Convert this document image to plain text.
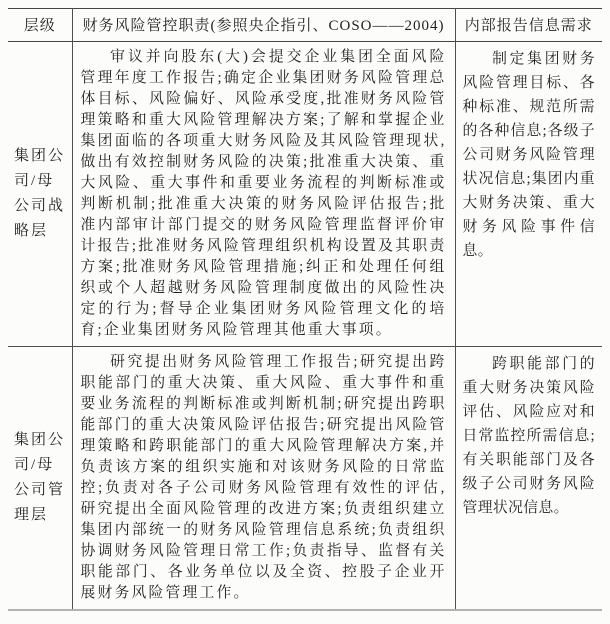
层级	财务风险管控职责(参照央企指引、COSO——2004)	内部报告信息需求

集团公司/母公司战略层	审议并向股东(大)会提交企业集团全面风险管理年度工作报告;确定企业集团财务风险管理总体目标、风险偏好、风险承受度,批准财务风险管理策略和重大风险管理解决方案;了解和掌握企业集团面临的各项重大财务风险及其风险管理现状,做出有效控制财务风险的决策;批准重大决策、重大风险、重大事件和重要业务流程的判断标准或判断机制;批准重大决策的财务风险评估报告;批准内部审计部门提交的财务风险管理监督评价审计报告;批准财务风险管理组织机构设置及其职责方案;批准财务风险管理措施;纠正和处理任何组织或个人超越财务风险管理制度做出的风险性决定的行为;督导企业集团财务风险管理文化的培育;企业集团财务风险管理其他重大事项。	制定集团财务风险管理目标、各种标准、规范所需的各种信息;各级子公司财务风险管理状况信息;集团内重大财务决策、重大财务风险事件信息。

集团公司/母公司管理层	研究提出财务风险管理工作报告;研究提出跨职能部门的重大决策、重大风险、重大事件和重要业务流程的判断标准或判断机制;研究提出跨职能部门的重大决策风险评估报告;研究提出风险管理策略和跨职能部门的重大风险管理解决方案,并负责该方案的组织实施和对该财务风险的日常监控;负责对各子公司财务风险管理有效性的评估,研究提出全面风险管理的改进方案;负责组织建立集团内部统一的财务风险管理信息系统;负责组织协调财务风险管理日常工作;负责指导、监督有关职能部门、各业务单位以及全资、控股子企业开展财务风险管理工作。	跨职能部门的重大财务决策风险评估、风险应对和日常监控所需信息;有关职能部门及各级子公司财务风险管理状况信息。
